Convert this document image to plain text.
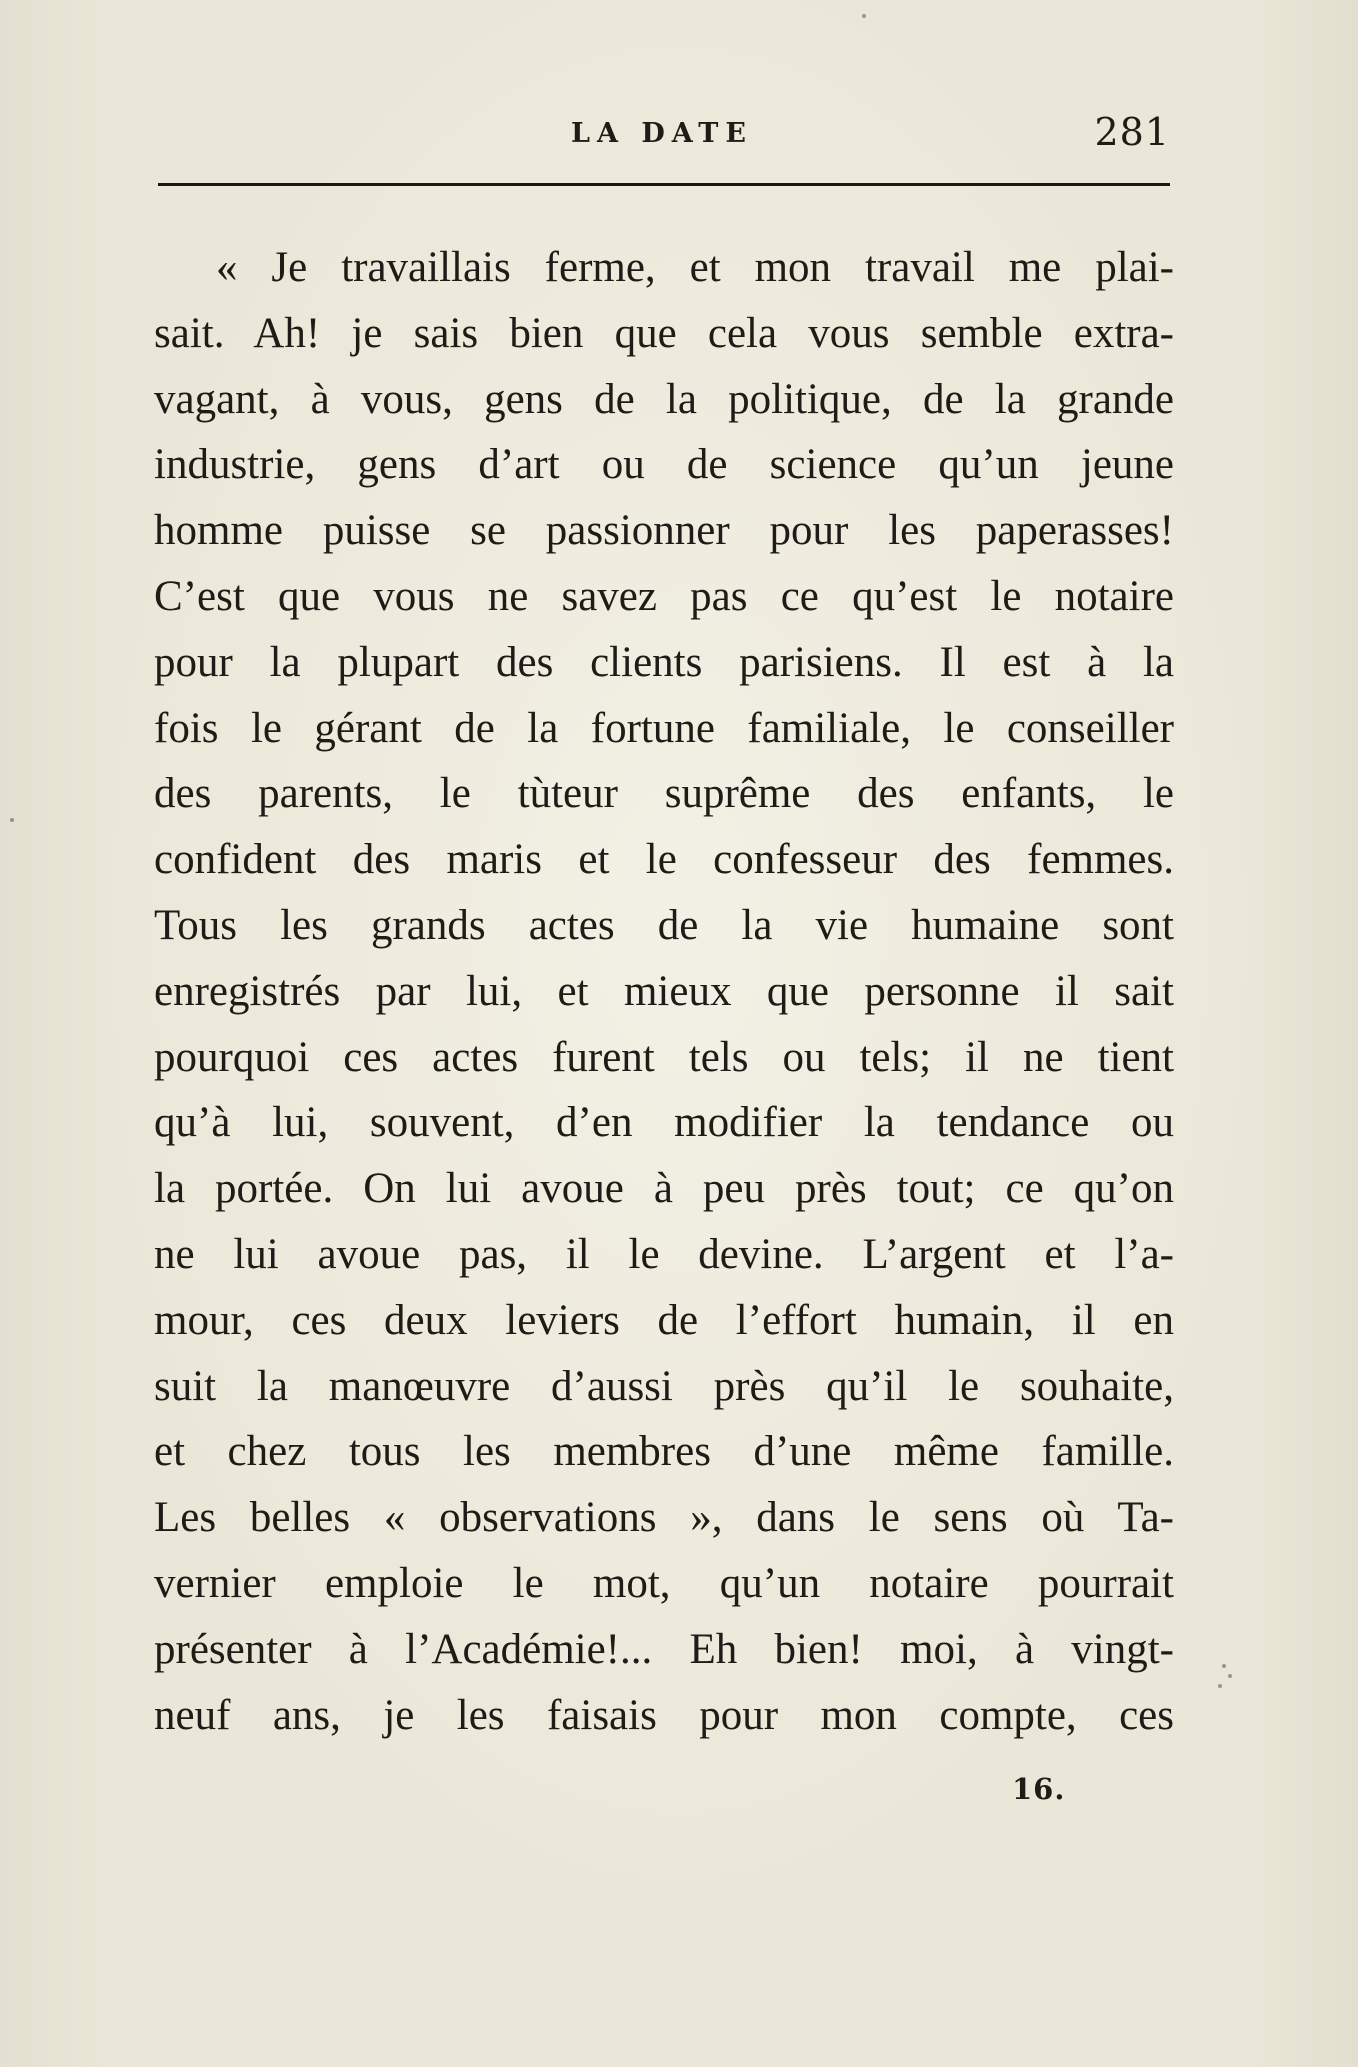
LA DATE	281
« Je travaillais ferme, et mon travail me plai-
sait. Ah! je sais bien que cela vous semble extra-
vagant, à vous, gens de la politique, de la grande
industrie, gens d’art ou de science qu’un jeune
homme puisse se passionner pour les paperasses!
C’est que vous ne savez pas ce qu’est le notaire
pour la plupart des clients parisiens. Il est à la
fois le gérant de la fortune familiale, le conseiller
des parents, le tùteur suprême des enfants, le
confident des maris et le confesseur des femmes.
Tous les grands actes de la vie humaine sont
enregistrés par lui, et mieux que personne il sait
pourquoi ces actes furent tels ou tels; il ne tient
qu’à lui, souvent, d’en modifier la tendance ou
la portée. On lui avoue à peu près tout; ce qu’on
ne lui avoue pas, il le devine. L’argent et l’a-
mour, ces deux leviers de l’effort humain, il en
suit la manœuvre d’aussi près qu’il le souhaite,
et chez tous les membres d’une même famille.
Les belles « observations », dans le sens où Ta-
vernier emploie le mot, qu’un notaire pourrait
présenter à l’Académie!... Eh bien! moi, à vingt-
neuf ans, je les faisais pour mon compte, ces
16.
